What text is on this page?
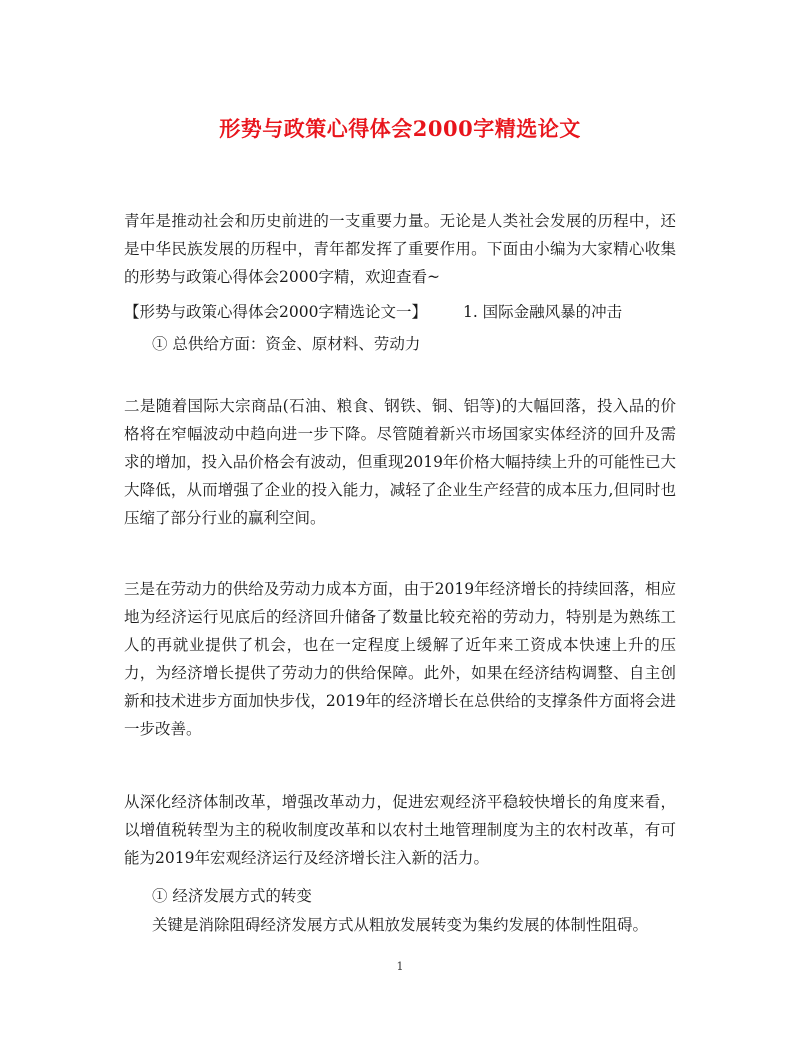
形势与政策心得体会2000字精选论文
青年是推动社会和历史前进的一支重要力量。无论是人类社会发展的历程中，还是中华民族发展的历程中，青年都发挥了重要作用。下面由小编为大家精心收集的形势与政策心得体会2000字精，欢迎查看~
【形势与政策心得体会2000字精选论文一】 1. 国际金融风暴的冲击
① 总供给方面：资金、原材料、劳动力
二是随着国际大宗商品(石油、粮食、钢铁、铜、铝等)的大幅回落，投入品的价格将在窄幅波动中趋向进一步下降。尽管随着新兴市场国家实体经济的回升及需求的增加，投入品价格会有波动，但重现2019年价格大幅持续上升的可能性已大大降低，从而增强了企业的投入能力，减轻了企业生产经营的成本压力,但同时也压缩了部分行业的赢利空间。
三是在劳动力的供给及劳动力成本方面，由于2019年经济增长的持续回落，相应地为经济运行见底后的经济回升储备了数量比较充裕的劳动力，特别是为熟练工人的再就业提供了机会，也在一定程度上缓解了近年来工资成本快速上升的压力，为经济增长提供了劳动力的供给保障。此外，如果在经济结构调整、自主创新和技术进步方面加快步伐，2019年的经济增长在总供给的支撑条件方面将会进一步改善。
从深化经济体制改革，增强改革动力，促进宏观经济平稳较快增长的角度来看，以增值税转型为主的税收制度改革和以农村土地管理制度为主的农村改革，有可能为2019年宏观经济运行及经济增长注入新的活力。
① 经济发展方式的转变
关键是消除阻碍经济发展方式从粗放发展转变为集约发展的体制性阻碍。
1
